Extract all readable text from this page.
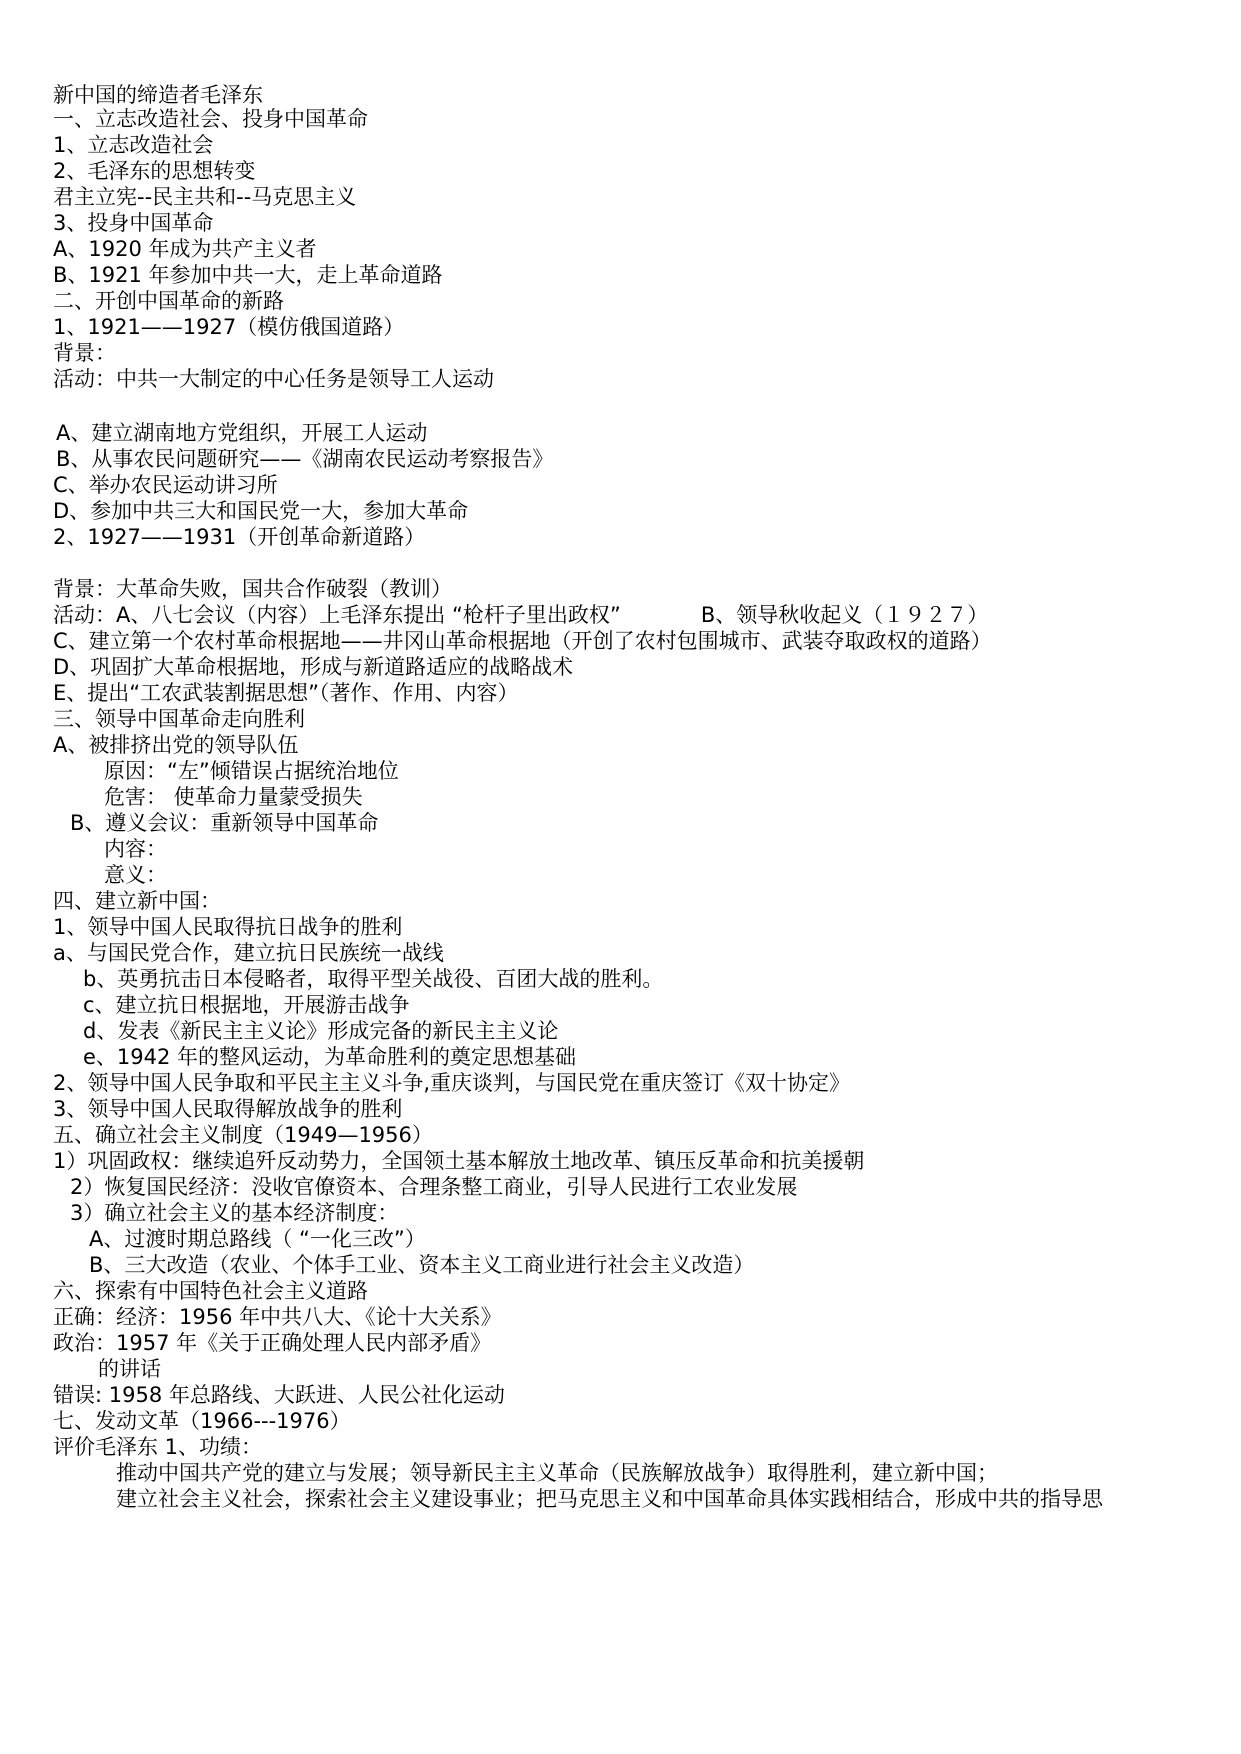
新中国的缔造者毛泽东
一、立志改造社会、投身中国革命
1、立志改造社会
2、毛泽东的思想转变
君主立宪--民主共和--马克思主义
3、投身中国革命
A、1920 年成为共产主义者
B、1921 年参加中共一大，走上革命道路
二、开创中国革命的新路
1、1921——1927（模仿俄国道路）
背景：
活动：中共一大制定的中心任务是领导工人运动
A、建立湖南地方党组织，开展工人运动
B、从事农民问题研究——《湖南农民运动考察报告》
C、举办农民运动讲习所
D、参加中共三大和国民党一大，参加大革命
2、1927——1931（开创革命新道路）
背景：大革命失败，国共合作破裂（教训）
活动：A、八七会议（内容）上毛泽东提出 “枪杆子里出政权”            B、领导秋收起义（１９２７）
C、建立第一个农村革命根据地——井冈山革命根据地（开创了农村包围城市、武装夺取政权的道路）
D、巩固扩大革命根据地，形成与新道路适应的战略战术
E、提出“工农武装割据思想”（著作、作用、内容）
三、领导中国革命走向胜利
A、被排挤出党的领导队伍
原因：“左”倾错误占据统治地位
危害： 使革命力量蒙受损失
B、遵义会议：重新领导中国革命
内容：
意义：
四、建立新中国：
1、领导中国人民取得抗日战争的胜利
a、与国民党合作，建立抗日民族统一战线
b、英勇抗击日本侵略者，取得平型关战役、百团大战的胜利。
c、建立抗日根据地，开展游击战争
d、发表《新民主主义论》形成完备的新民主主义论
e、1942 年的整风运动，为革命胜利的奠定思想基础
2、领导中国人民争取和平民主主义斗争,重庆谈判，与国民党在重庆签订《双十协定》
3、领导中国人民取得解放战争的胜利
五、确立社会主义制度（1949—1956）
1）巩固政权：继续追歼反动势力，全国领土基本解放土地改革、镇压反革命和抗美援朝
2）恢复国民经济：没收官僚资本、合理条整工商业，引导人民进行工农业发展
3）确立社会主义的基本经济制度：
A、过渡时期总路线（ “一化三改”）
B、三大改造（农业、个体手工业、资本主义工商业进行社会主义改造）
六、探索有中国特色社会主义道路
正确：经济：1956 年中共八大、《论十大关系》
政治：1957 年《关于正确处理人民内部矛盾》
的讲话
错误: 1958 年总路线、大跃进、人民公社化运动
七、发动文革（1966---1976）
评价毛泽东 1、功绩：
推动中国共产党的建立与发展；领导新民主主义革命（民族解放战争）取得胜利，建立新中国；
建立社会主义社会，探索社会主义建设事业；把马克思主义和中国革命具体实践相结合，形成中共的指导思
